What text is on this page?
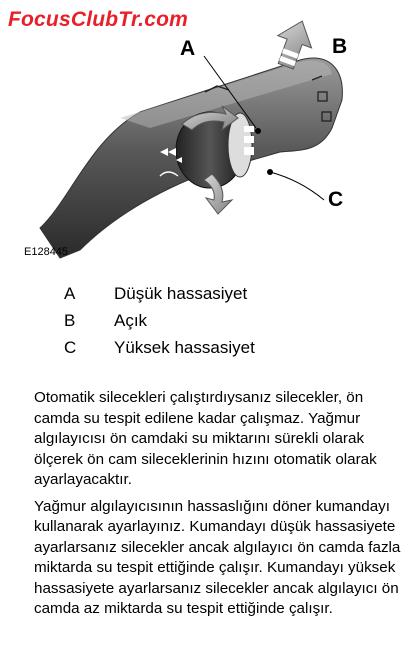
FocusClubTr.com
A	B
C
E128445
A	Düşük hassasiyet
B	Açık
C	Yüksek hassasiyet

Otomatik silecekleri çalıştırdıysanız silecekler, ön camda su tespit edilene kadar çalışmaz. Yağmur algılayıcısı ön camdaki su miktarını sürekli olarak ölçerek ön cam sileceklerinin hızını otomatik olarak ayarlayacaktır.

Yağmur algılayıcısının hassaslığını döner kumandayı kullanarak ayarlayınız. Kumandayı düşük hassasiyete ayarlarsanız silecekler ancak algılayıcı ön camda fazla miktarda su tespit ettiğinde çalışır. Kumandayı yüksek hassasiyete ayarlarsanız silecekler ancak algılayıcı ön camda az miktarda su tespit ettiğinde çalışır.
